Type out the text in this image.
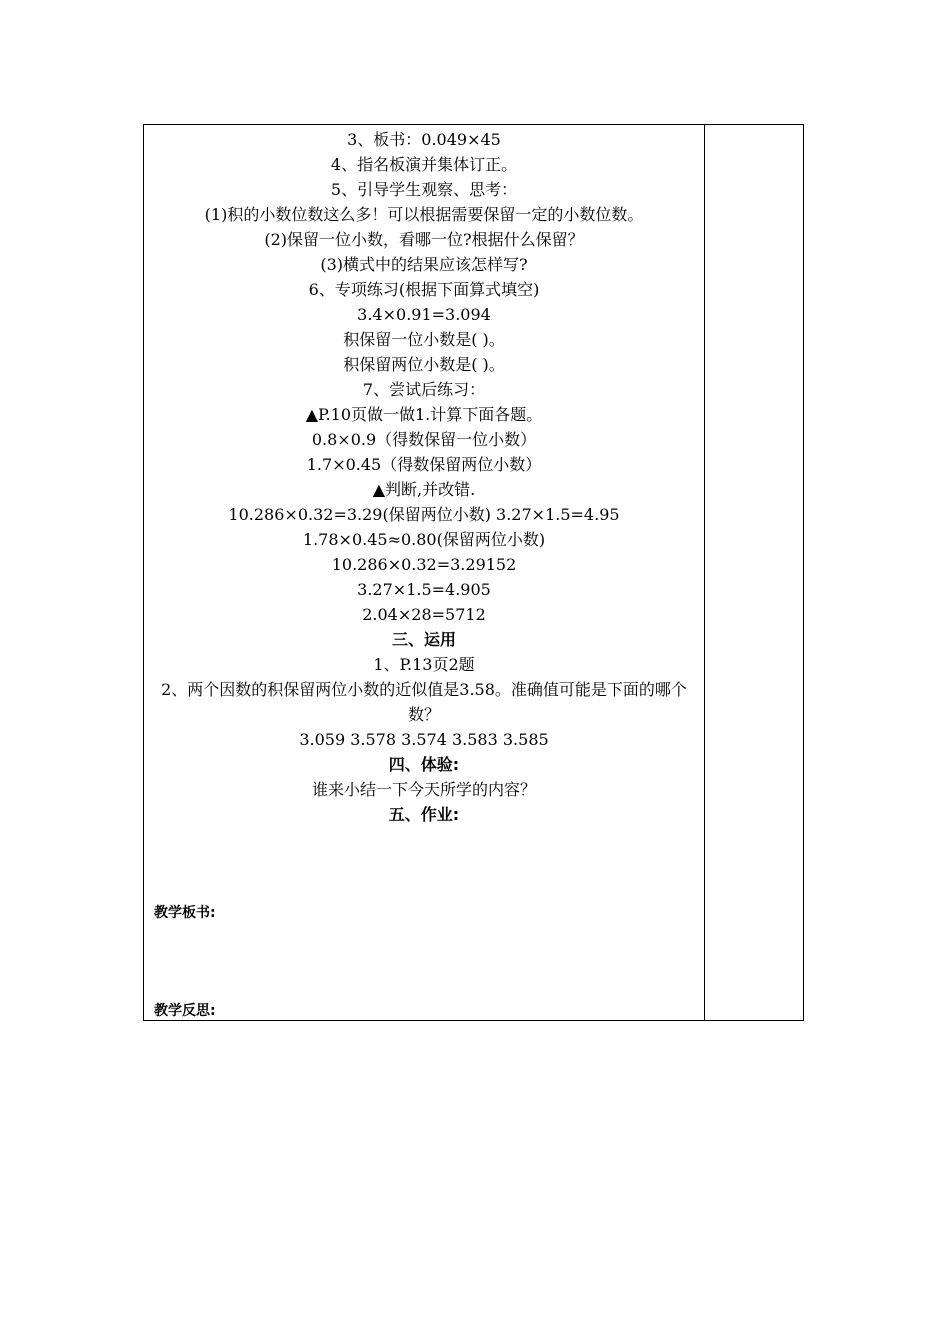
3、板书：0.049×45
4、指名板演并集体订正。
5、引导学生观察、思考：
(1)积的小数位数这么多！可以根据需要保留一定的小数位数。
(2)保留一位小数，看哪一位?根据什么保留？
(3)横式中的结果应该怎样写?
6、专项练习(根据下面算式填空)
3.4×0.91=3.094
积保留一位小数是( )。
积保留两位小数是( )。
7、尝试后练习：
▲P.10页做一做1.计算下面各题。
0.8×0.9（得数保留一位小数）
1.7×0.45（得数保留两位小数）
▲判断,并改错.
10.286×0.32=3.29(保留两位小数) 3.27×1.5=4.95
1.78×0.45≈0.80(保留两位小数)
10.286×0.32=3.29152
3.27×1.5=4.905
2.04×28=5712
三、运用
1、P.13页2题
2、两个因数的积保留两位小数的近似值是3.58。准确值可能是下面的哪个数？
3.059 3.578 3.574 3.583 3.585
四、体验:
谁来小结一下今天所学的内容？
五、作业:
教学板书:
教学反思:
